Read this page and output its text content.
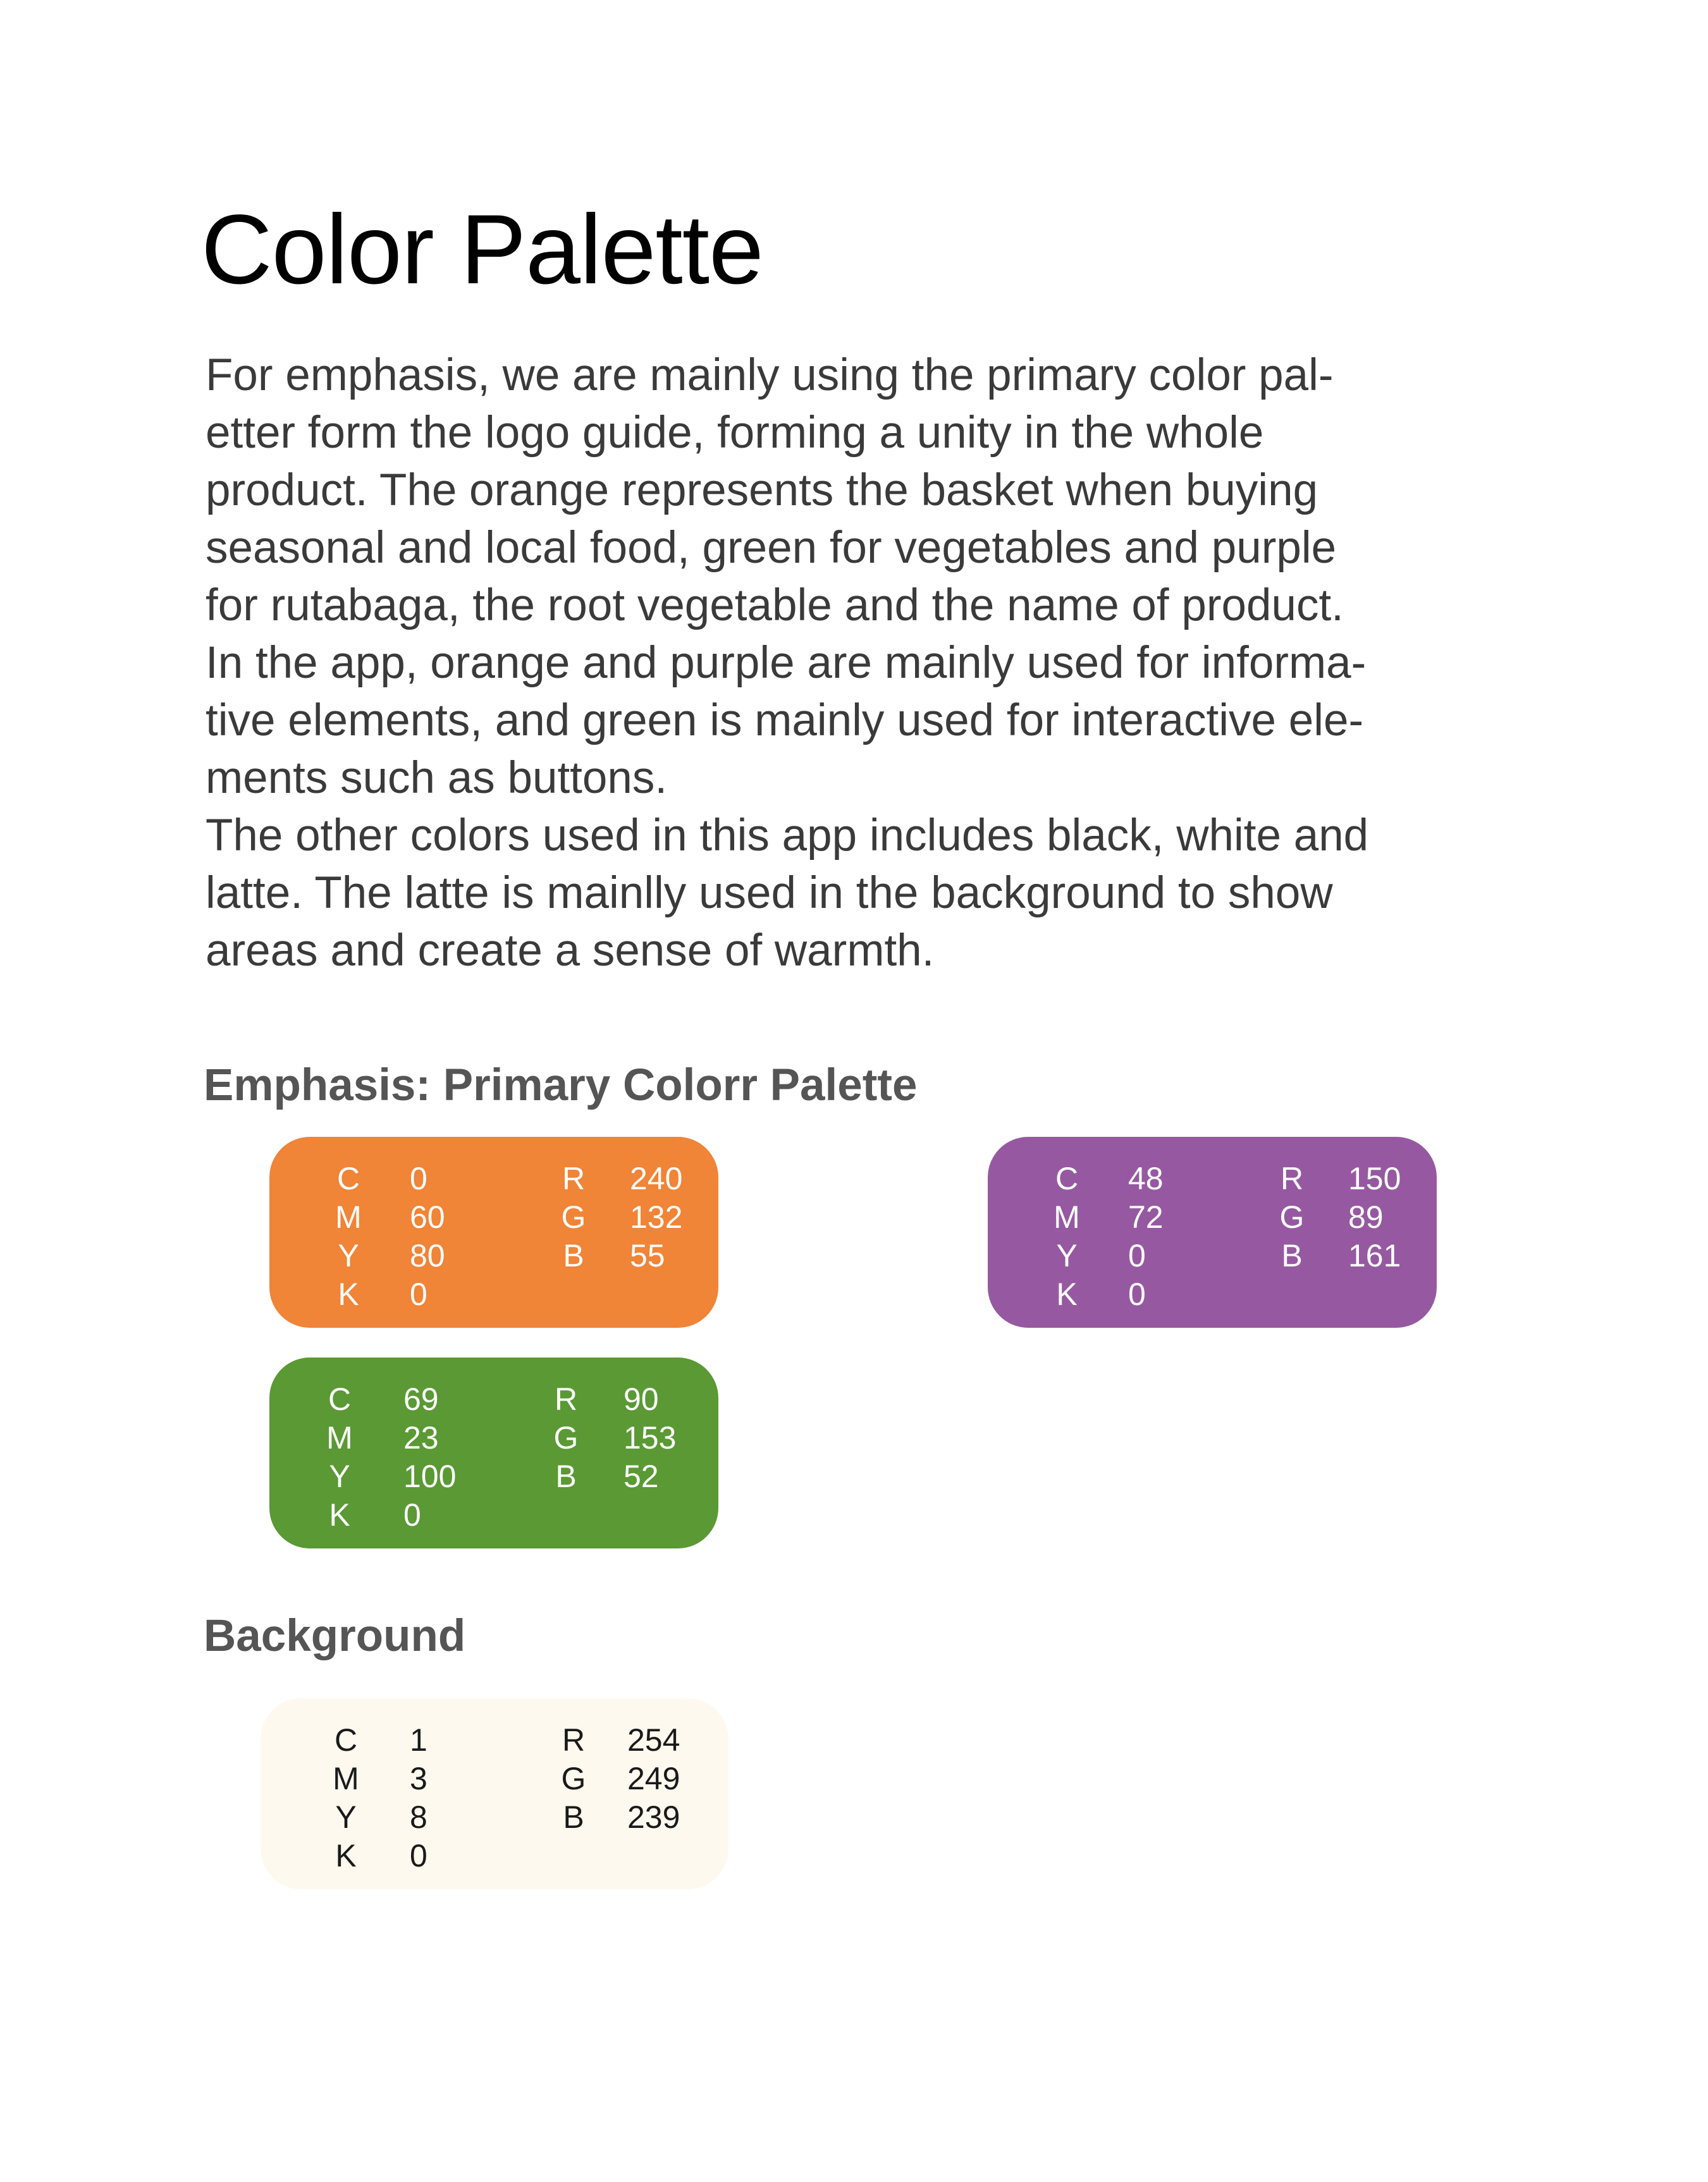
Color Palette
For emphasis, we are mainly using the primary color pal-
etter form the logo guide, forming a unity in the whole
product. The orange represents the basket when buying
seasonal and local food, green for vegetables and purple
for rutabaga, the root vegetable and the name of product.
In the app, orange and purple are mainly used for informa-
tive elements, and green is mainly used for interactive ele-
ments such as buttons.
The other colors used in this app includes black, white and
latte. The latte is mainlly used in the background to show
areas and create a sense of warmth.
Emphasis: Primary Colorr Palette
C
M
Y
K
0
60
80
0
R
G
B
240
132
55
C
M
Y
K
48
72
0
0
R
G
B
150
89
161
C
M
Y
K
69
23
100
0
R
G
B
90
153
52
Background
C
M
Y
K
1
3
8
0
R
G
B
254
249
239
